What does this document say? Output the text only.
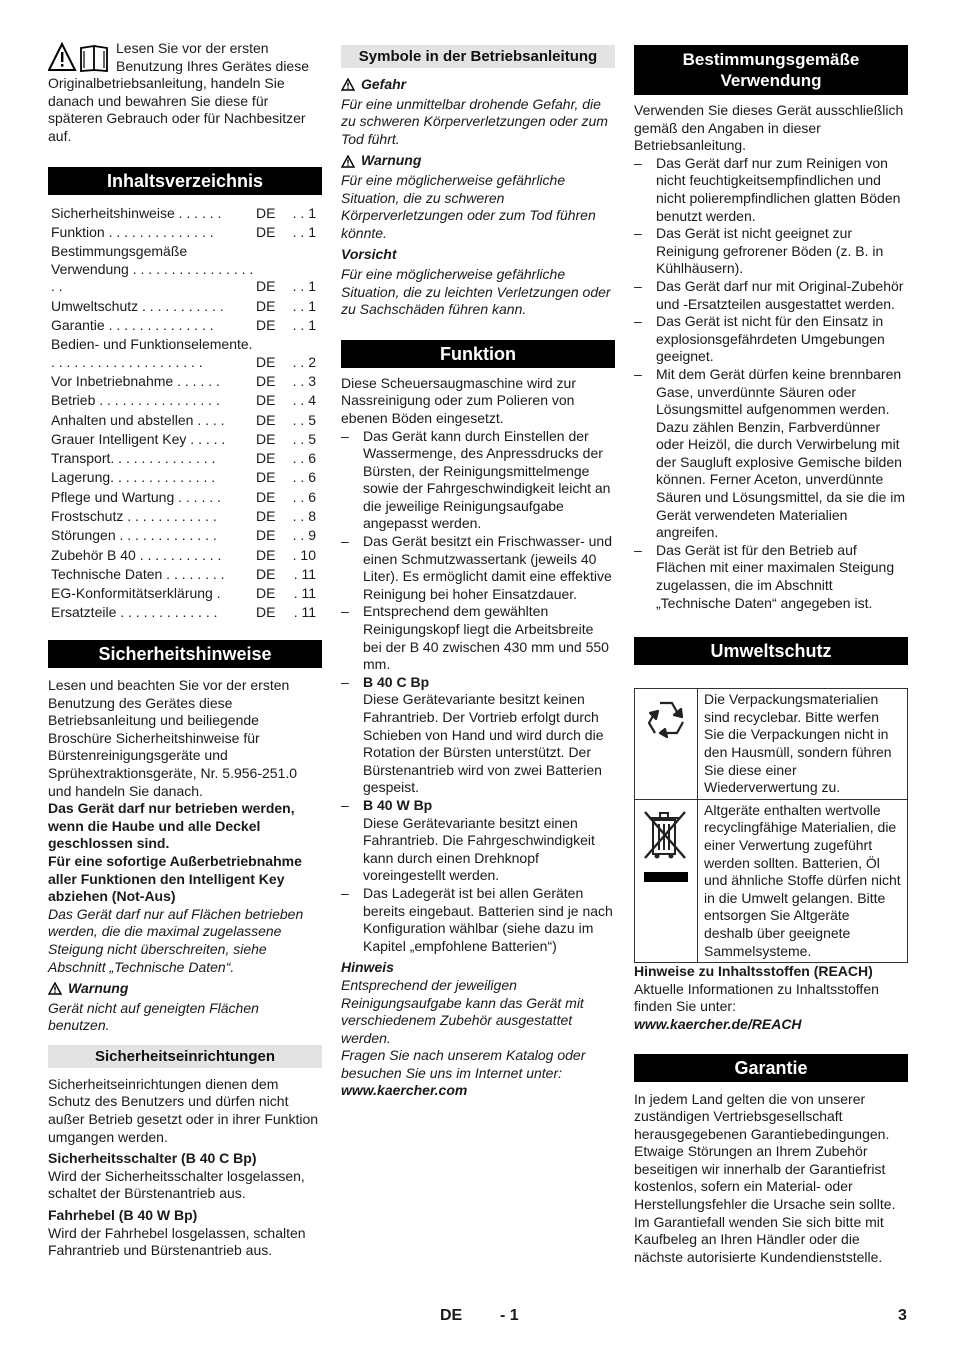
Lesen Sie vor der ersten Benutzung Ihres Gerätes diese Originalbetriebsanleitung, handeln Sie danach und bewahren Sie diese für späteren Gebrauch oder für Nachbesitzer auf.

Inhaltsverzeichnis
Sicherheitshinweise . . . . . .	DE	. . 1
Funktion . . . . . . . . . . . . . .	DE	. . 1
Bestimmungsgemäße Verwendung . . . . . . . . . . . . . . . . . .	DE	. . 1
Umweltschutz . . . . . . . . . . .	DE	. . 1
Garantie . . . . . . . . . . . . . .	DE	. . 1
Bedien- und Funktionselemente. . . . . . . . . . . . . . . . . . . . .	DE	. . 2
Vor Inbetriebnahme . . . . . .	DE	. . 3
Betrieb . . . . . . . . . . . . . . . .	DE	. . 4
Anhalten und abstellen . . . .	DE	. . 5
Grauer Intelligent Key . . . . .	DE	. . 5
Transport. . . . . . . . . . . . . .	DE	. . 6
Lagerung. . . . . . . . . . . . . .	DE	. . 6
Pflege und Wartung . . . . . .	DE	. . 6
Frostschutz . . . . . . . . . . . .	DE	. . 8
Störungen . . . . . . . . . . . . .	DE	. . 9
Zubehör B 40 . . . . . . . . . . .	DE	. 10
Technische Daten . . . . . . . .	DE	. 11
EG-Konformitätserklärung .	DE	. 11
Ersatzteile . . . . . . . . . . . . .	DE	. 11
Sicherheitshinweise

Lesen und beachten Sie vor der ersten Benutzung des Gerätes diese Betriebsanleitung und beiliegende Broschüre Sicherheitshinweise für Bürstenreinigungsgeräte und Sprühextraktionsgeräte, Nr. 5.956-251.0 und handeln Sie danach.

Das Gerät darf nur betrieben werden, wenn die Haube und alle Deckel geschlossen sind.

Für eine sofortige Außerbetriebnahme aller Funktionen den Intelligent Key abziehen (Not-Aus)

Das Gerät darf nur auf Flächen betrieben werden, die die maximal zugelassene Steigung nicht überschreiten, siehe Abschnitt „Technische Daten“.

Warnung

Gerät nicht auf geneigten Flächen benutzen.

Sicherheitseinrichtungen

Sicherheitseinrichtungen dienen dem Schutz des Benutzers und dürfen nicht außer Betrieb gesetzt oder in ihrer Funktion umgangen werden.

Sicherheitsschalter (B 40 C Bp)

Wird der Sicherheitsschalter losgelassen, schaltet der Bürstenantrieb aus.

Fahrhebel (B 40 W Bp)

Wird der Fahrhebel losgelassen, schalten Fahrantrieb und Bürstenantrieb aus.

Symbole in der Betriebsanleitung
Gefahr

Für eine unmittelbar drohende Gefahr, die zu schweren Körperverletzungen oder zum Tod führt.

Warnung

Für eine möglicherweise gefährliche Situation, die zu schweren Körperverletzungen oder zum Tod führen könnte.

Vorsicht

Für eine möglicherweise gefährliche Situation, die zu leichten Verletzungen oder zu Sachschäden führen kann.

Funktion

Diese Scheuersaugmaschine wird zur Nassreinigung oder zum Polieren von ebenen Böden eingesetzt.

–	Das Gerät kann durch Einstellen der Wassermenge, des Anpressdrucks der Bürsten, der Reinigungsmittelmenge sowie der Fahrgeschwindigkeit leicht an die jeweilige Reinigungsaufgabe angepasst werden.
–	Das Gerät besitzt ein Frischwasser- und einen Schmutzwassertank (jeweils 40 Liter). Es ermöglicht damit eine effektive Reinigung bei hoher Einsatzdauer.
–	Entsprechend dem gewählten Reinigungskopf liegt die Arbeitsbreite bei der B 40 zwischen 430 mm und 550 mm.
–	B 40 C Bp
Diese Gerätevariante besitzt keinen Fahrantrieb. Der Vortrieb erfolgt durch Schieben von Hand und wird durch die Rotation der Bürsten unterstützt. Der Bürstenantrieb wird von zwei Batterien gespeist.
–	B 40 W Bp
Diese Gerätevariante besitzt einen Fahrantrieb. Die Fahrgeschwindigkeit kann durch einen Drehknopf voreingestellt werden.
–	Das Ladegerät ist bei allen Geräten bereits eingebaut. Batterien sind je nach Konfiguration wählbar (siehe dazu im Kapitel „empfohlene Batterien“)

Hinweis

Entsprechend der jeweiligen Reinigungsaufgabe kann das Gerät mit verschiedenem Zubehör ausgestattet werden.

Fragen Sie nach unserem Katalog oder besuchen Sie uns im Internet unter:

www.kaercher.com

Bestimmungsgemäße Verwendung

Verwenden Sie dieses Gerät ausschließlich gemäß den Angaben in dieser Betriebsanleitung.

–	Das Gerät darf nur zum Reinigen von nicht feuchtigkeitsempfindlichen und nicht polierempfindlichen glatten Böden benutzt werden.
–	Das Gerät ist nicht geeignet zur Reinigung gefrorener Böden (z. B. in Kühlhäusern).
–	Das Gerät darf nur mit Original-Zubehör und -Ersatzteilen ausgestattet werden.
–	Das Gerät ist nicht für den Einsatz in explosionsgefährdeten Umgebungen geeignet.
–	Mit dem Gerät dürfen keine brennbaren Gase, unverdünnte Säuren oder Lösungsmittel aufgenommen werden. Dazu zählen Benzin, Farbverdünner oder Heizöl, die durch Verwirbelung mit der Saugluft explosive Gemische bilden können. Ferner Aceton, unverdünnte Säuren und Lösungsmittel, da sie die im Gerät verwendeten Materialien angreifen.
–	Das Gerät ist für den Betrieb auf Flächen mit einer maximalen Steigung zugelassen, die im Abschnitt „Technische Daten“ angegeben ist.
Umweltschutz
	Die Verpackungsmaterialien sind recyclebar. Bitte werfen Sie die Verpackungen nicht in den Hausmüll, sondern führen Sie diese einer Wiederverwertung zu.
	Altgeräte enthalten wertvolle recyclingfähige Materialien, die einer Verwertung zugeführt werden sollten. Batterien, Öl und ähnliche Stoffe dürfen nicht in die Umwelt gelangen. Bitte entsorgen Sie Altgeräte deshalb über geeignete Sammelsysteme.

Hinweise zu Inhaltsstoffen (REACH)

Aktuelle Informationen zu Inhaltsstoffen finden Sie unter:

www.kaercher.de/REACH

Garantie

In jedem Land gelten die von unserer zuständigen Vertriebsgesellschaft herausgegebenen Garantiebedingungen. Etwaige Störungen an Ihrem Zubehör beseitigen wir innerhalb der Garantiefrist kostenlos, sofern ein Material- oder Herstellungsfehler die Ursache sein sollte. Im Garantiefall wenden Sie sich bitte mit Kaufbeleg an Ihren Händler oder die nächste autorisierte Kundendienststelle.

DE - 1	3
